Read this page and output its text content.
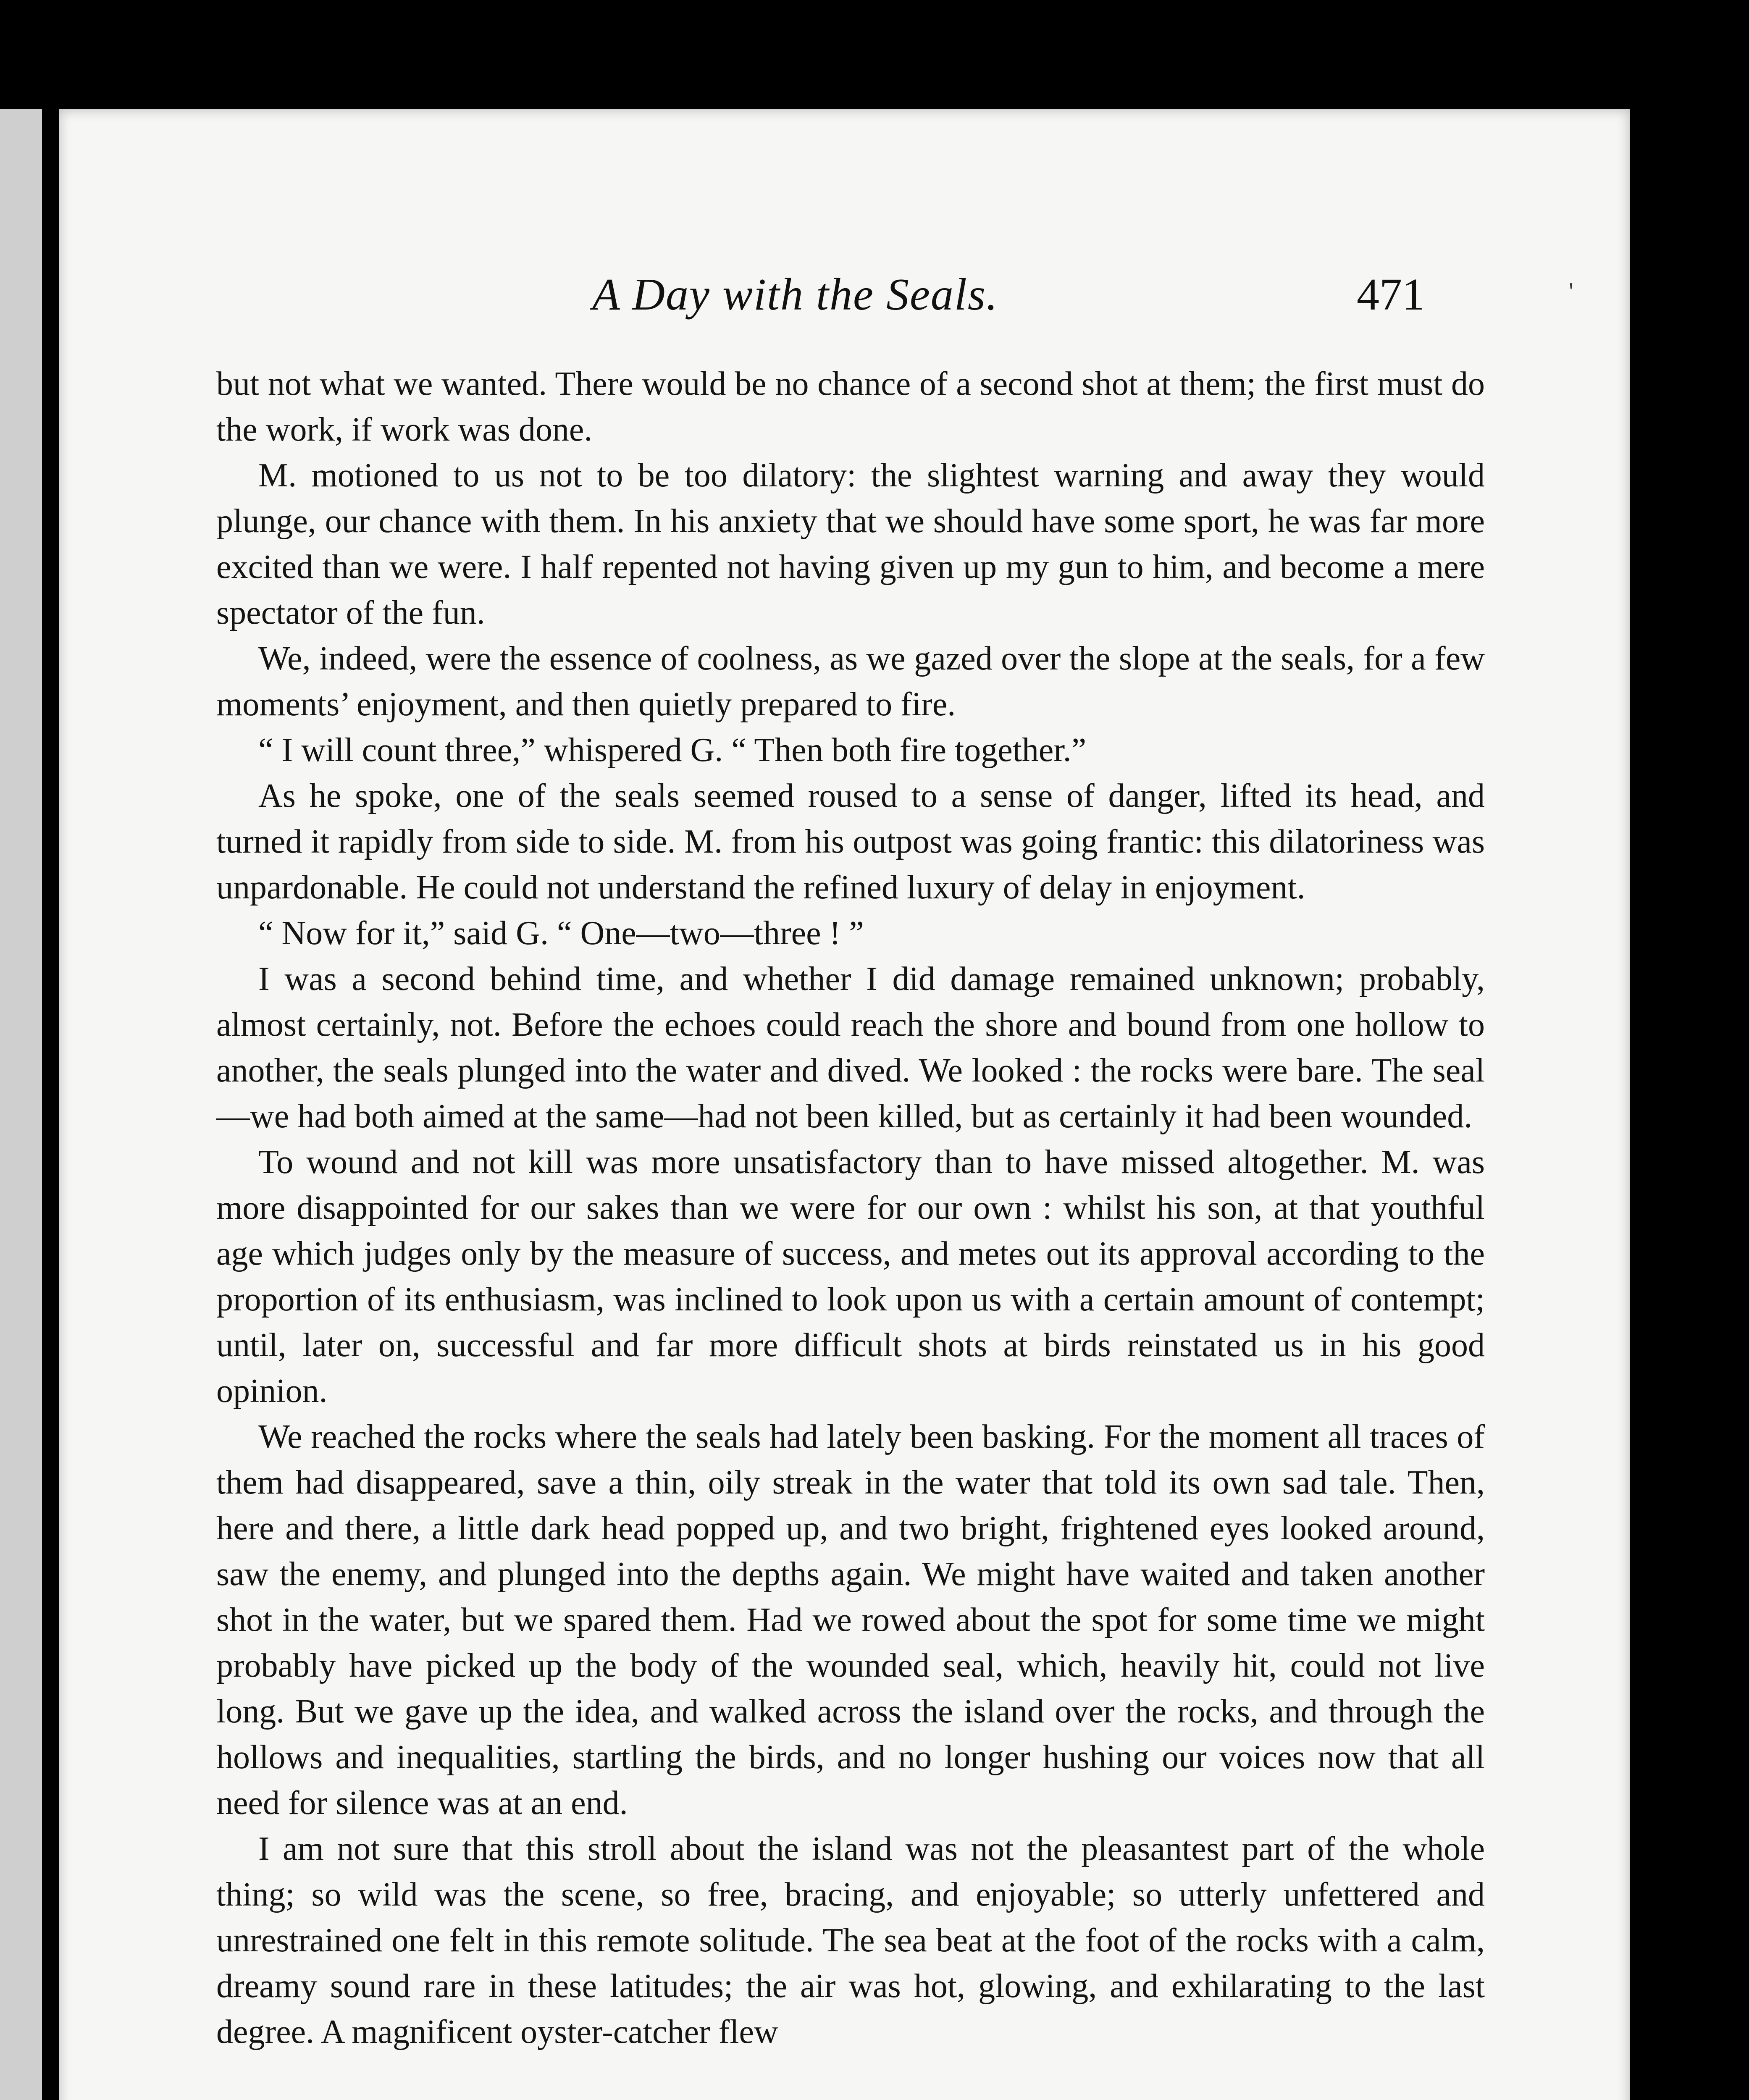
A Day with the Seals.	471	'

but not what we wanted. There would be no chance of a second shot at them; the first must do the work, if work was done.

M. motioned to us not to be too dilatory: the slightest warning and away they would plunge, our chance with them. In his anxiety that we should have some sport, he was far more excited than we were. I half repented not having given up my gun to him, and become a mere spectator of the fun.

We, indeed, were the essence of coolness, as we gazed over the slope at the seals, for a few moments’ enjoyment, and then quietly prepared to fire.

“ I will count three,” whispered G. “ Then both fire together.”

As he spoke, one of the seals seemed roused to a sense of danger, lifted its head, and turned it rapidly from side to side. M. from his outpost was going frantic: this dilatoriness was unpardonable. He could not understand the refined luxury of delay in enjoyment.

“ Now for it,” said G. “ One—two—three ! ”

I was a second behind time, and whether I did damage remained unknown; probably, almost certainly, not. Before the echoes could reach the shore and bound from one hollow to another, the seals plunged into the water and dived. We looked : the rocks were bare. The seal—we had both aimed at the same—had not been killed, but as certainly it had been wounded.

To wound and not kill was more unsatisfactory than to have missed altogether. M. was more disappointed for our sakes than we were for our own : whilst his son, at that youthful age which judges only by the measure of success, and metes out its approval according to the proportion of its enthusiasm, was inclined to look upon us with a certain amount of contempt; until, later on, successful and far more difficult shots at birds reinstated us in his good opinion.

We reached the rocks where the seals had lately been basking. For the moment all traces of them had disappeared, save a thin, oily streak in the water that told its own sad tale. Then, here and there, a little dark head popped up, and two bright, frightened eyes looked around, saw the enemy, and plunged into the depths again. We might have waited and taken another shot in the water, but we spared them. Had we rowed about the spot for some time we might probably have picked up the body of the wounded seal, which, heavily hit, could not live long. But we gave up the idea, and walked across the island over the rocks, and through the hollows and inequalities, startling the birds, and no longer hushing our voices now that all need for silence was at an end.

I am not sure that this stroll about the island was not the pleasantest part of the whole thing; so wild was the scene, so free, bracing, and enjoyable; so utterly unfettered and unrestrained one felt in this remote solitude. The sea beat at the foot of the rocks with a calm, dreamy sound rare in these latitudes; the air was hot, glowing, and exhilarating to the last degree. A magnificent oyster-catcher flew
